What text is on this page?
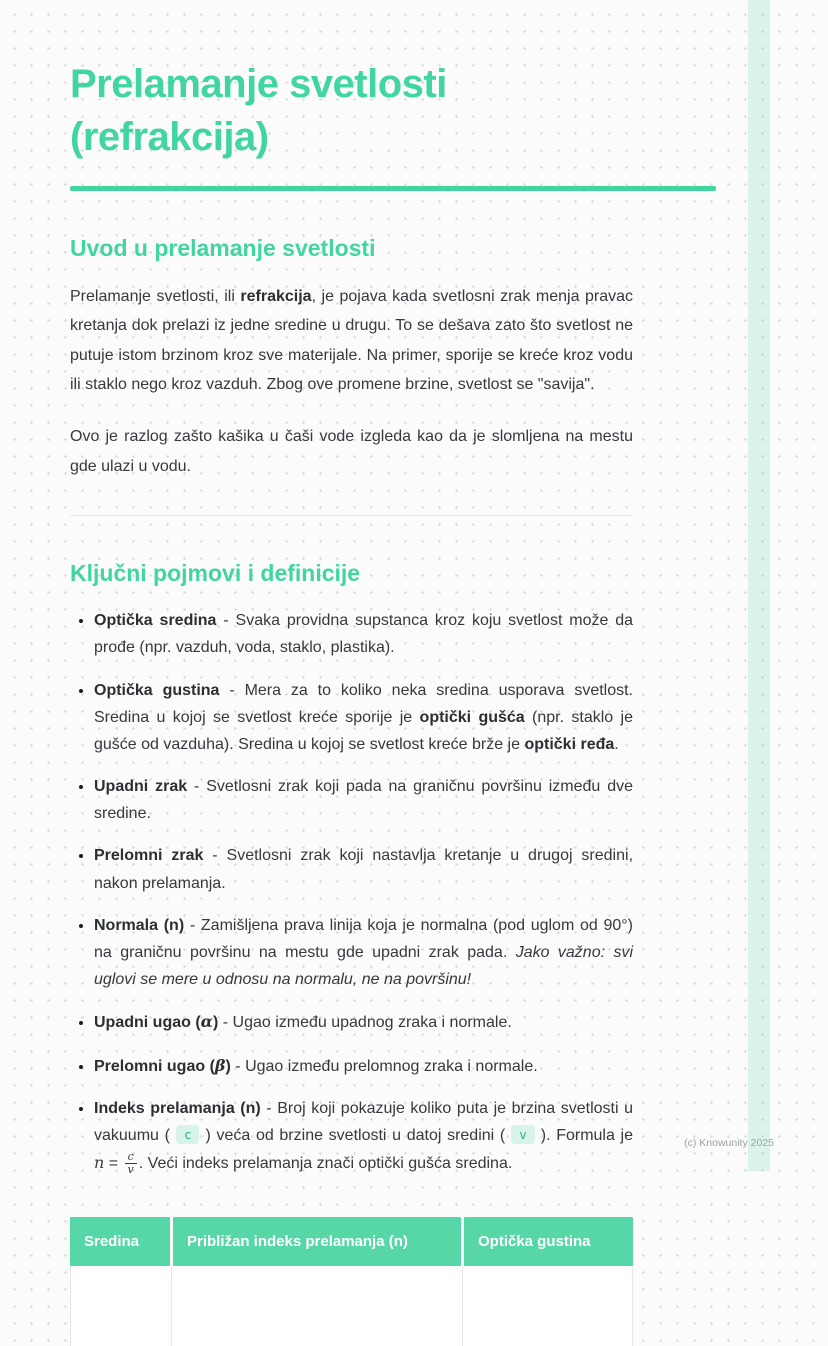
Prelamanje svetlosti
(refrakcija)
Uvod u prelamanje svetlosti

Prelamanje svetlosti, ili refrakcija, je pojava kada svetlosni zrak menja pravac kretanja dok prelazi iz jedne sredine u drugu. To se dešava zato što svetlost ne putuje istom brzinom kroz sve materijale. Na primer, sporije se kreće kroz vodu ili staklo nego kroz vazduh. Zbog ove promene brzine, svetlost se "savija".

Ovo je razlog zašto kašika u čaši vode izgleda kao da je slomljena na mestu gde ulazi u vodu.

Ključni pojmovi i definicije
• Optička sredina - Svaka providna supstanca kroz koju svetlost može da prođe (npr. vazduh, voda, staklo, plastika).
• Optička gustina - Mera za to koliko neka sredina usporava svetlost. Sredina u kojoj se svetlost kreće sporije je optički gušća (npr. staklo je gušće od vazduha). Sredina u kojoj se svetlost kreće brže je optički ređa.
• Upadni zrak - Svetlosni zrak koji pada na graničnu površinu između dve sredine.
• Prelomni zrak - Svetlosni zrak koji nastavlja kretanje u drugoj sredini, nakon prelamanja.
• Normala (n) - Zamišljena prava linija koja je normalna (pod uglom od 90°) na graničnu površinu na mestu gde upadni zrak pada. Jako važno: svi uglovi se mere u odnosu na normalu, ne na površinu!
• Upadni ugao (α) - Ugao između upadnog zraka i normale.
• Prelomni ugao (β) - Ugao između prelomnog zraka i normale.
• Indeks prelamanja (n) - Broj koji pokazuje koliko puta je brzina svetlosti u vakuumu ( c ) veća od brzine svetlosti u datoj sredini ( v ). Formula je $n = \frac{c}{v}$ . Veći indeks prelamanja znači optički gušća sredina.
Sredina	Približan indeks prelamanja (n)	Optička gustina
(c) Knowunity 2025
